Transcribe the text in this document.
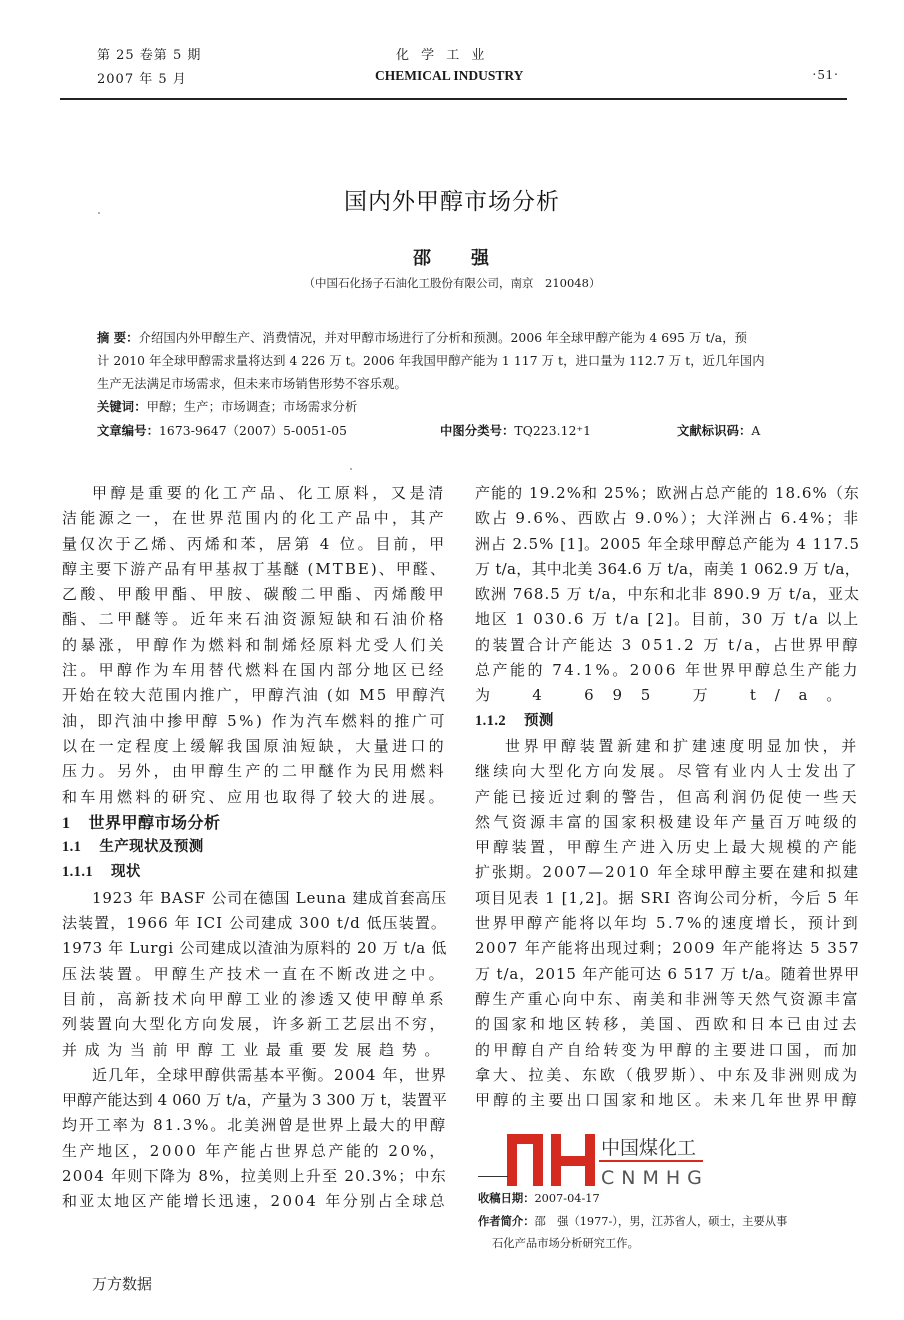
第 25 卷第 5 期
2007 年 5 月
化 学 工 业
CHEMICAL INDUSTRY	·51·
国内外甲醇市场分析
邵 强
（中国石化扬子石油化工股份有限公司，南京　210048）
摘 要：介绍国内外甲醇生产、消费情况，并对甲醇市场进行了分析和预测。2006 年全球甲醇产能为 4 695 万 t/a，预
计 2010 年全球甲醇需求量将达到 4 226 万 t。2006 年我国甲醇产能为 1 117 万 t，进口量为 112.7 万 t，近几年国内
生产无法满足市场需求，但未来市场销售形势不容乐观。
关键词：甲醇；生产；市场调查；市场需求分析
文章编号：1673-9647（2007）5-0051-05	中图分类号：TQ223.12⁺1	文献标识码：A
甲醇是重要的化工产品、化工原料，又是清
洁能源之一，在世界范围内的化工产品中，其产
量仅次于乙烯、丙烯和苯，居第 4 位。目前，甲
醇主要下游产品有甲基叔丁基醚 (MTBE)、甲醛、
乙酸、甲酸甲酯、甲胺、碳酸二甲酯、丙烯酸甲
酯、二甲醚等。近年来石油资源短缺和石油价格
的暴涨，甲醇作为燃料和制烯烃原料尤受人们关
注。甲醇作为车用替代燃料在国内部分地区已经
开始在较大范围内推广，甲醇汽油 (如 M5 甲醇汽
油，即汽油中掺甲醇 5%) 作为汽车燃料的推广可
以在一定程度上缓解我国原油短缺，大量进口的
压力。另外，由甲醇生产的二甲醚作为民用燃料
和车用燃料的研究、应用也取得了较大的进展。
1 世界甲醇市场分析
1.1 生产现状及预测
1.1.1 现状
1923 年 BASF 公司在德国 Leuna 建成首套高压
法装置，1966 年 ICI 公司建成 300 t/d 低压装置。
1973 年 Lurgi 公司建成以渣油为原料的 20 万 t/a 低
压法装置。甲醇生产技术一直在不断改进之中。
目前，高新技术向甲醇工业的渗透又使甲醇单系
列装置向大型化方向发展，许多新工艺层出不穷，
并成为当前甲醇工业最重要发展趋势。
近几年，全球甲醇供需基本平衡。2004 年，世界
甲醇产能达到 4 060 万 t/a，产量为 3 300 万 t，装置平
均开工率为 81.3%。北美洲曾是世界上最大的甲醇
生产地区，2000 年产能占世界总产能的 20%，
2004 年则下降为 8%，拉美则上升至 20.3%；中东
和亚太地区产能增长迅速，2004 年分别占全球总
产能的 19.2%和 25%；欧洲占总产能的 18.6%（东
欧占 9.6%、西欧占 9.0%）；大洋洲占 6.4%；非
洲占 2.5% [1]。2005 年全球甲醇总产能为 4 117.5
万 t/a，其中北美 364.6 万 t/a，南美 1 062.9 万 t/a，
欧洲 768.5 万 t/a，中东和北非 890.9 万 t/a，亚太
地区 1 030.6 万 t/a [2]。目前，30 万 t/a 以上
的装置合计产能达 3 051.2 万 t/a，占世界甲醇
总产能的 74.1%。2006 年世界甲醇总生产能力
为 4 695 万 t/a。
1.1.2 预测
世界甲醇装置新建和扩建速度明显加快，并
继续向大型化方向发展。尽管有业内人士发出了
产能已接近过剩的警告，但高利润仍促使一些天
然气资源丰富的国家积极建设年产量百万吨级的
甲醇装置，甲醇生产进入历史上最大规模的产能
扩张期。2007—2010 年全球甲醇主要在建和拟建
项目见表 1 [1,2]。据 SRI 咨询公司分析，今后 5 年
世界甲醇产能将以年均 5.7%的速度增长，预计到
2007 年产能将出现过剩；2009 年产能将达 5 357
万 t/a，2015 年产能可达 6 517 万 t/a。随着世界甲
醇生产重心向中东、南美和非洲等天然气资源丰富
的国家和地区转移，美国、西欧和日本已由过去
的甲醇自产自给转变为甲醇的主要进口国，而加
拿大、拉美、东欧（俄罗斯）、中东及非洲则成为
甲醇的主要出口国家和地区。未来几年世界甲醇
中国煤化工
CNMHG
收稿日期：2007-04-17
作者简介：邵　强（1977-），男，江苏省人，硕士，主要从事
石化产品市场分析研究工作。
万方数据
